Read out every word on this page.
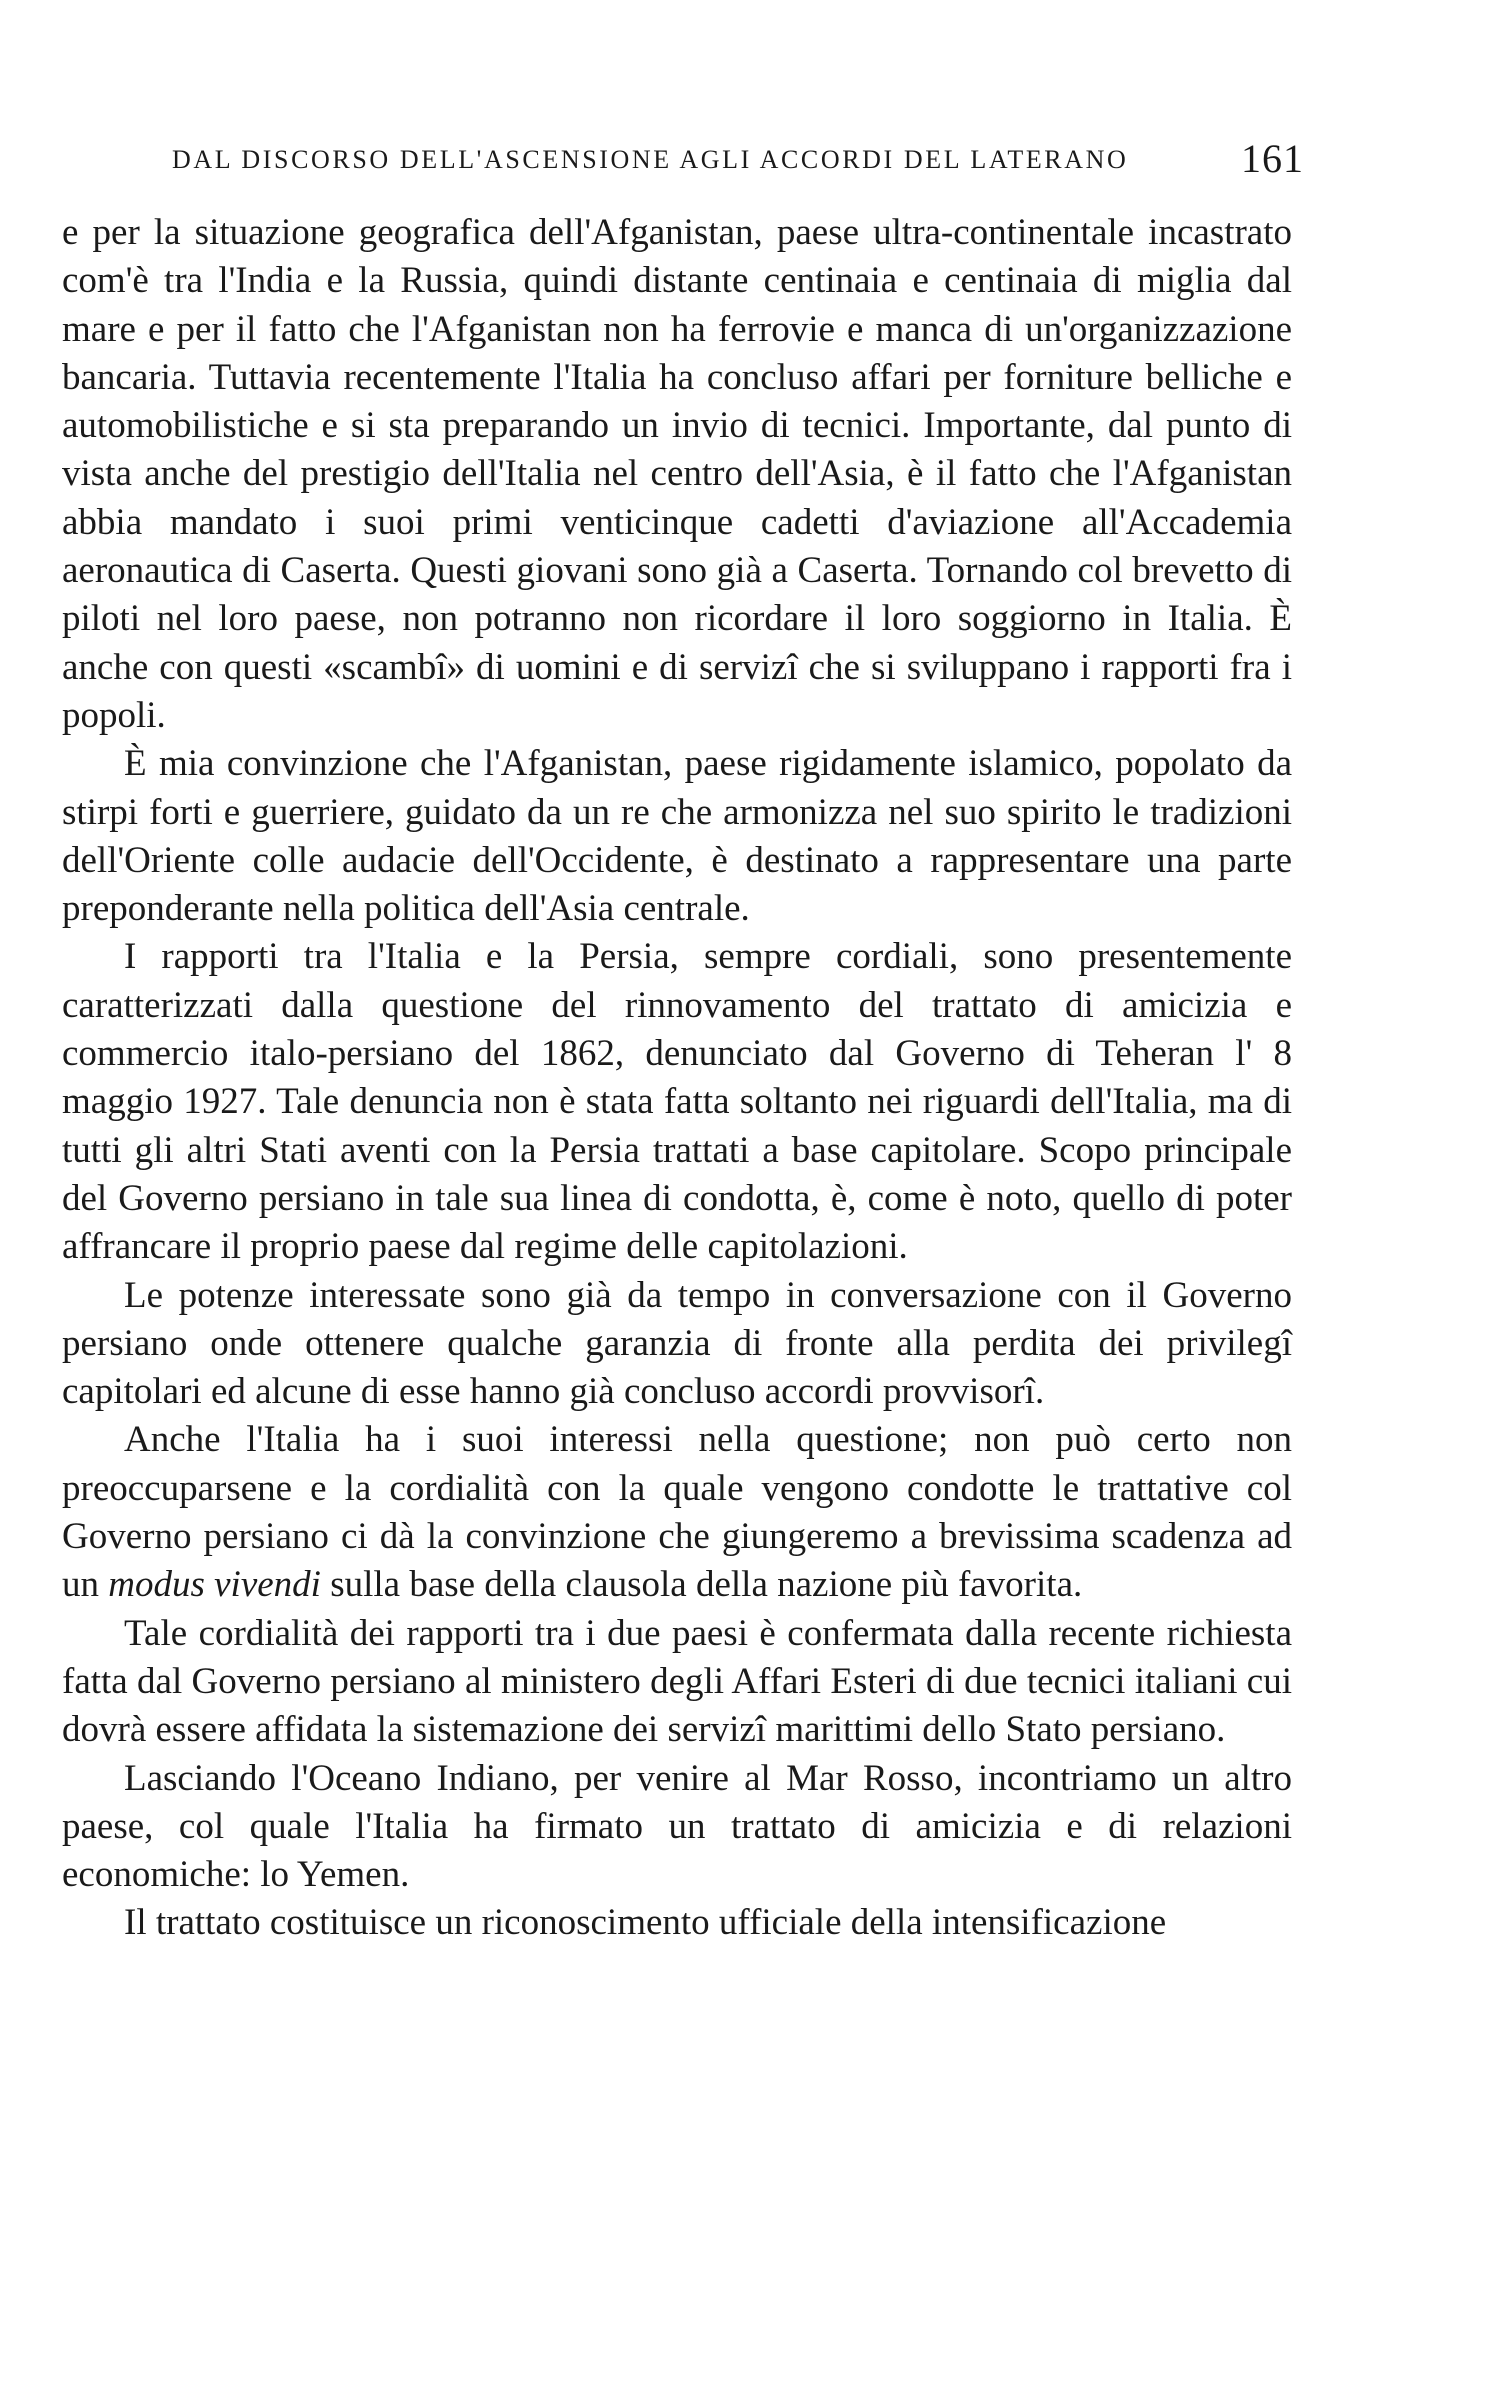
DAL DISCORSO DELL'ASCENSIONE AGLI ACCORDI DEL LATERANO	161

e per la situazione geografica dell'Afganistan, paese ultra-continentale incastrato com'è tra l'India e la Russia, quindi distante centinaia e centinaia di miglia dal mare e per il fatto che l'Afganistan non ha ferrovie e manca di un'organizzazione bancaria. Tuttavia recentemente l'Italia ha concluso affari per forniture belliche e automobilistiche e si sta preparando un invio di tecnici. Importante, dal punto di vista anche del prestigio dell'Italia nel centro dell'Asia, è il fatto che l'Afganistan abbia mandato i suoi primi venticinque cadetti d'aviazione all'Accademia aeronautica di Caserta. Questi giovani sono già a Caserta. Tornando col brevetto di piloti nel loro paese, non potranno non ricordare il loro soggiorno in Italia. È anche con questi «scambî» di uomini e di servizî che si sviluppano i rapporti fra i popoli.

È mia convinzione che l'Afganistan, paese rigidamente islamico, popolato da stirpi forti e guerriere, guidato da un re che armonizza nel suo spirito le tradizioni dell'Oriente colle audacie dell'Occidente, è destinato a rappresentare una parte preponderante nella politica dell'Asia centrale.

I rapporti tra l'Italia e la Persia, sempre cordiali, sono presentemente caratterizzati dalla questione del rinnovamento del trattato di amicizia e commercio italo-persiano del 1862, denunciato dal Governo di Teheran l' 8 maggio 1927. Tale denuncia non è stata fatta soltanto nei riguardi dell'Italia, ma di tutti gli altri Stati aventi con la Persia trattati a base capitolare. Scopo principale del Governo persiano in tale sua linea di condotta, è, come è noto, quello di poter affrancare il proprio paese dal regime delle capitolazioni.

Le potenze interessate sono già da tempo in conversazione con il Governo persiano onde ottenere qualche garanzia di fronte alla perdita dei privilegî capitolari ed alcune di esse hanno già concluso accordi provvisorî.

Anche l'Italia ha i suoi interessi nella questione; non può certo non preoccuparsene e la cordialità con la quale vengono condotte le trattative col Governo persiano ci dà la convinzione che giungeremo a brevissima scadenza ad un modus vivendi sulla base della clausola della nazione più favorita.

Tale cordialità dei rapporti tra i due paesi è confermata dalla recente richiesta fatta dal Governo persiano al ministero degli Affari Esteri di due tecnici italiani cui dovrà essere affidata la sistemazione dei servizî marittimi dello Stato persiano.

Lasciando l'Oceano Indiano, per venire al Mar Rosso, incontriamo un altro paese, col quale l'Italia ha firmato un trattato di amicizia e di relazioni economiche: lo Yemen.

Il trattato costituisce un riconoscimento ufficiale della intensificazione
